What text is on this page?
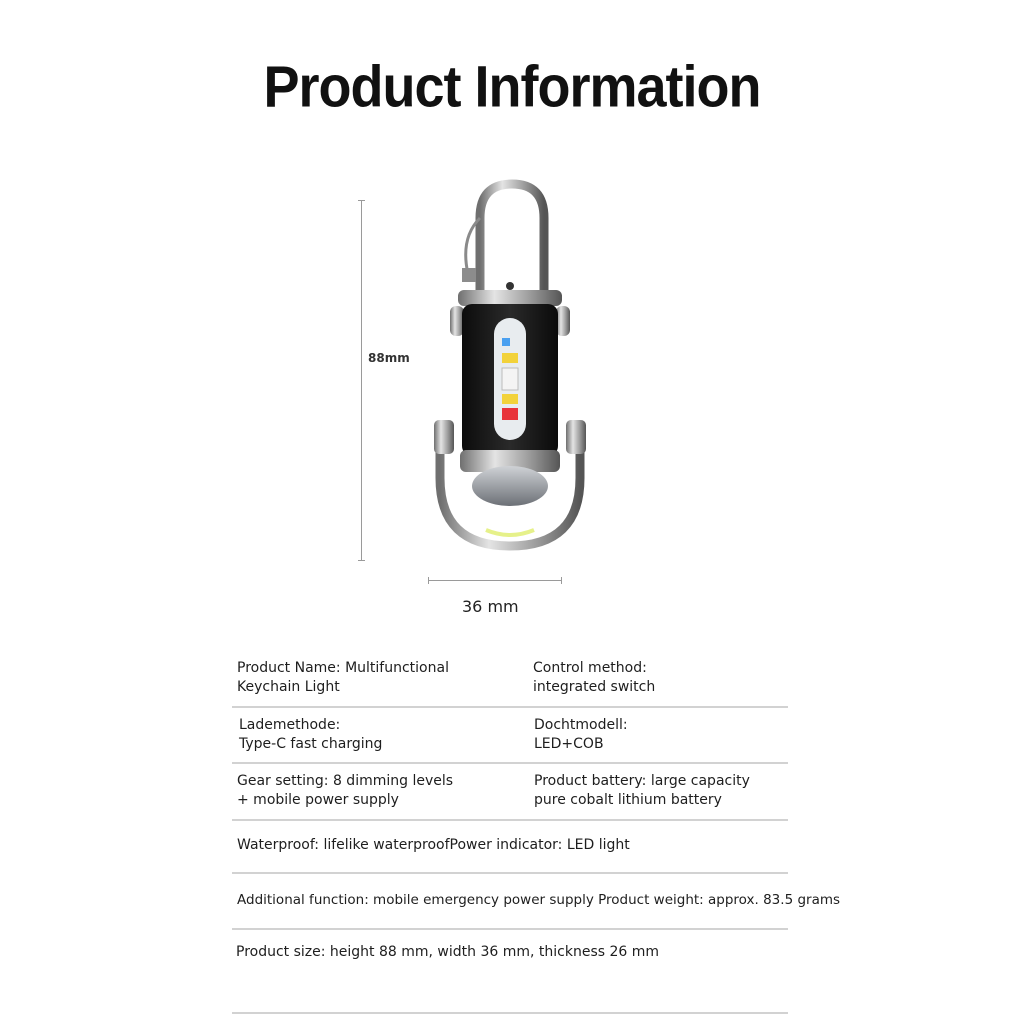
Product Information
88mm
36 mm
Product Name: Multifunctional
Keychain Light
Control method:
integrated switch
Lademethode:
Type-C fast charging
Dochtmodell:
LED+COB
Gear setting: 8 dimming levels
+ mobile power supply
Product battery: large capacity
pure cobalt lithium battery
Waterproof: lifelike waterproofPower indicator: LED light
Additional function: mobile emergency power supply Product weight: approx. 83.5 grams
Product size: height 88 mm, width 36 mm, thickness 26 mm
